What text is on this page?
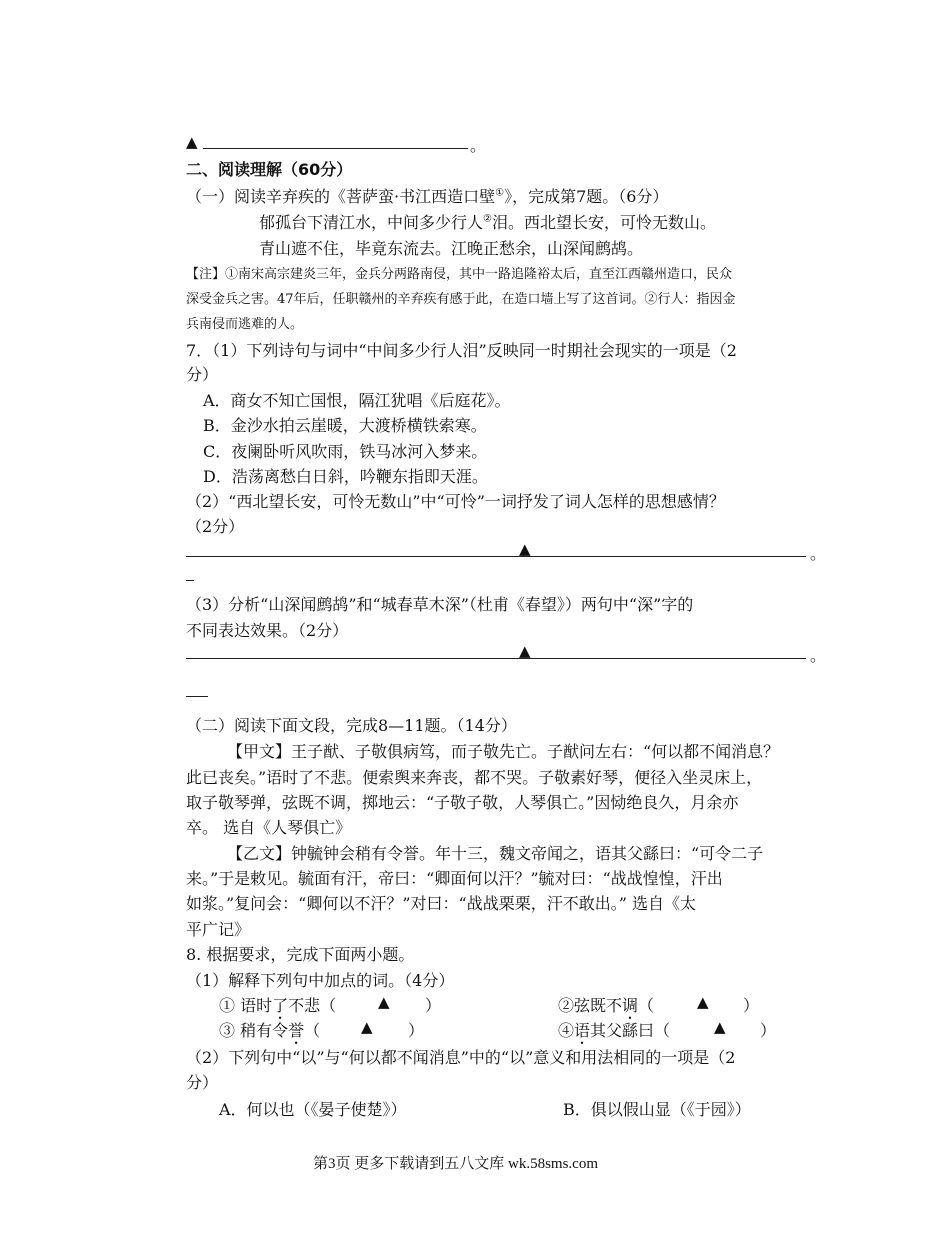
▲	。
二、阅读理解（60分）
（一）阅读辛弃疾的《菩萨蛮·书江西造口壁①》，完成第7题。（6分）
郁孤台下清江水，中间多少行人②泪。西北望长安，可怜无数山。
青山遮不住，毕竟东流去。江晚正愁余，山深闻鹧鸪。
【注】①南宋高宗建炎三年，金兵分两路南侵，其中一路追隆裕太后，直至江西赣州造口，民众
深受金兵之害。47年后，任职赣州的辛弃疾有感于此，在造口墙上写了这首词。②行人：指因金
兵南侵而逃难的人。
7．（1）下列诗句与词中“中间多少行人泪”反映同一时期社会现实的一项是（2
分）
A．商女不知亡国恨，隔江犹唱《后庭花》。
B．金沙水拍云崖暖，大渡桥横铁索寒。
C．夜阑卧听风吹雨，铁马冰河入梦来。
D．浩荡离愁白日斜，吟鞭东指即天涯。
（2）“西北望长安，可怜无数山”中“可怜”一词抒发了词人怎样的思想感情？
（2分）
▲	。
（3）分析“山深闻鹧鸪”和“城春草木深”（杜甫《春望》）两句中“深”字的
不同表达效果。（2分）
▲	。
（二）阅读下面文段，完成8—11题。（14分）
【甲文】王子猷、子敬俱病笃，而子敬先亡。子猷问左右：“何以都不闻消息？
此已丧矣。”语时了不悲。便索舆来奔丧，都不哭。子敬素好琴，便径入坐灵床上，
取子敬琴弹，弦既不调，掷地云：“子敬子敬，人琴俱亡。”因恸绝良久，月余亦
卒。 选自《人琴俱亡》
【乙文】钟毓钟会稍有令誉。年十三，魏文帝闻之，语其父繇曰：“可令二子
来。”于是敕见。毓面有汗，帝曰：“卿面何以汗？”毓对曰：“战战惶惶，汗出
如浆。”复问会：“卿何以不汗？”对曰：“战战栗栗，汗不敢出。” 选自《太
平广记》
8. 根据要求，完成下面两小题。
（1）解释下列句中加点的词。（4分）
① 语时了不悲（	▲ ）	②弦既不调（	▲ ）
③ 稍有令誉（	▲ ）	④语其父繇曰（	▲ ）
（2）下列句中“以”与“何以都不闻消息”中的“以”意义和用法相同的一项是（2
分）
A．何以也（《晏子使楚》）	B．俱以假山显（《于园》）
第3页 更多下载请到五八文库 wk.58sms.com
